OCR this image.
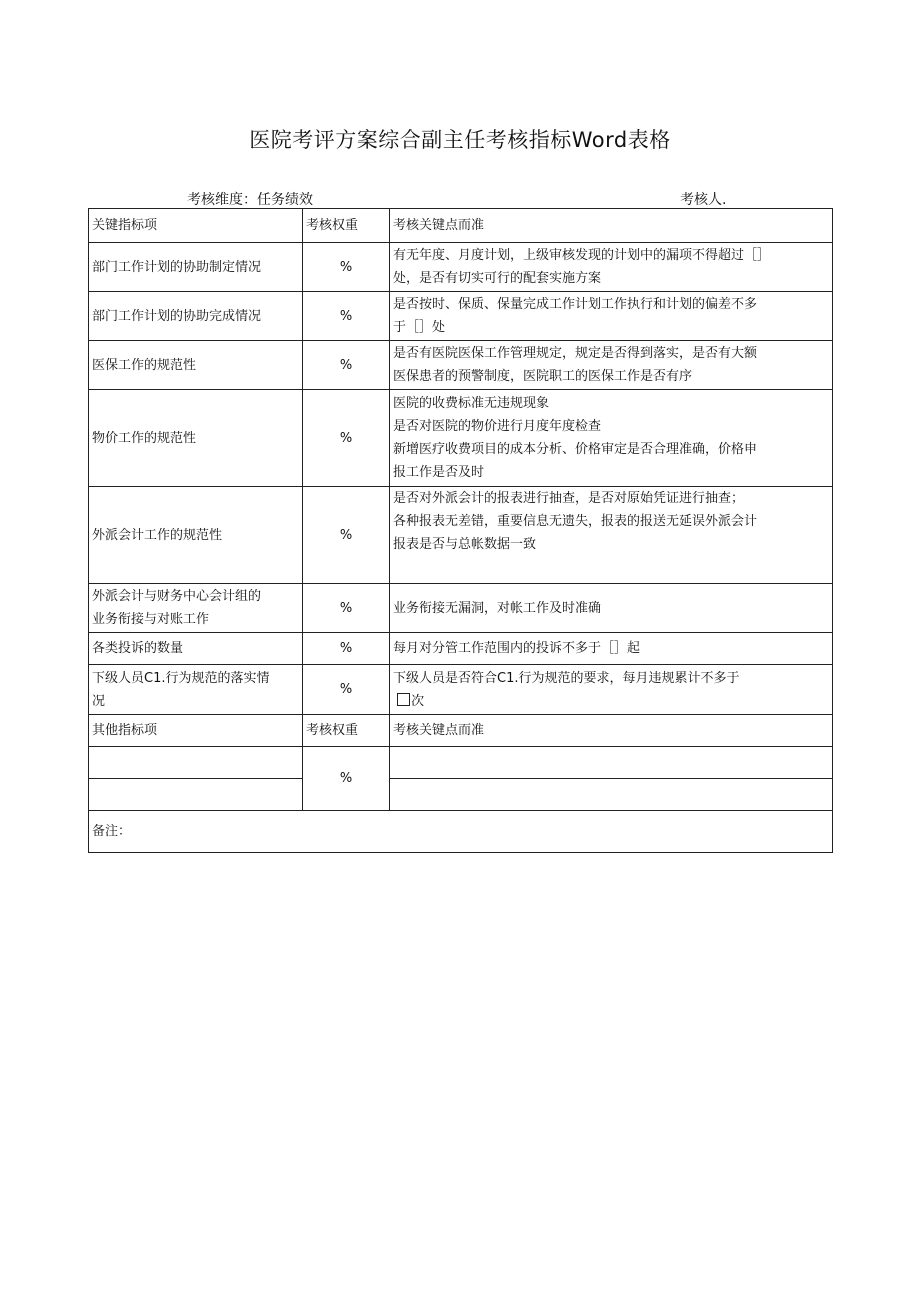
医院考评方案综合副主任考核指标Word表格
考核维度：任务绩效	考核人.
关键指标项	考核权重	考核关键点而准

部门工作计划的协助制定情况	%	有无年度、月度计划，上级审核发现的计划中的漏项不得超过［］
处，是否有切实可行的配套实施方案

部门工作计划的协助完成情况	%	是否按时、保质、保量完成工作计划工作执行和计划的偏差不多
于［］处

医保工作的规范性	%	是否有医院医保工作管理规定，规定是否得到落实，是否有大额
医保患者的预警制度，医院职工的医保工作是否有序

物价工作的规范性	%	医院的收费标准无违规现象
是否对医院的物价进行月度年度检查
新增医疗收费项目的成本分析、价格审定是否合理准确，价格申
报工作是否及时

外派会计工作的规范性	%	是否对外派会计的报表进行抽查，是否对原始凭证进行抽查；
各种报表无差错，重要信息无遗失，报表的报送无延误外派会计
报表是否与总帐数据一致

外派会计与财务中心会计组的
业务衔接与对账工作	%	业务衔接无漏洞，对帐工作及时准确

各类投诉的数量	%	每月对分管工作范围内的投诉不多于［］起

下级人员C1.行为规范的落实情
况	%	下级人员是否符合C1.行为规范的要求，每月违规累计不多于
次

其他指标项	考核权重	考核关键点而准
	%	

备注：		
